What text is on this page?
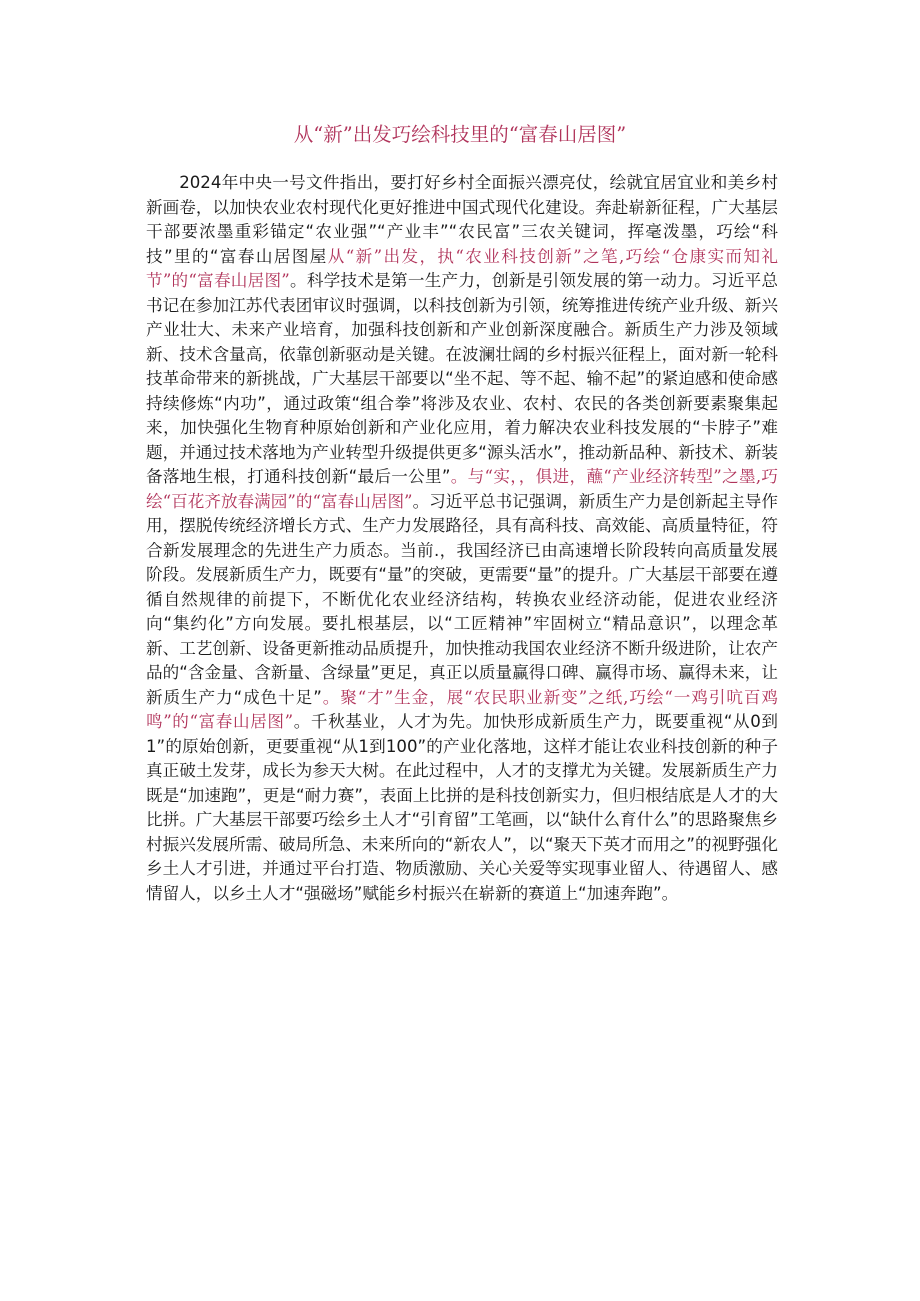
从“新”出发巧绘科技里的“富春山居图”

2024年中央一号文件指出，要打好乡村全面振兴漂亮仗，绘就宜居宜业和美乡村新画卷，以加快农业农村现代化更好推进中国式现代化建设。奔赴崭新征程，广大基层干部要浓墨重彩锚定“农业强”“产业丰”“农民富”三农关键词，挥毫泼墨，巧绘“科技”里的“富春山居图屋从“新”出发，执“农业科技创新”之笔,巧绘“仓康实而知礼节”的“富春山居图”。科学技术是第一生产力，创新是引领发展的第一动力。习近平总书记在参加江苏代表团审议时强调，以科技创新为引领，统筹推进传统产业升级、新兴产业壮大、未来产业培育，加强科技创新和产业创新深度融合。新质生产力涉及领域新、技术含量高，依靠创新驱动是关键。在波澜壮阔的乡村振兴征程上，面对新一轮科技革命带来的新挑战，广大基层干部要以“坐不起、等不起、输不起”的紧迫感和使命感持续修炼“内功”，通过政策“组合拳”将涉及农业、农村、农民的各类创新要素聚集起来，加快强化生物育种原始创新和产业化应用，着力解决农业科技发展的“卡脖子”难题，并通过技术落地为产业转型升级提供更多“源头活水”，推动新品种、新技术、新装备落地生根，打通科技创新“最后一公里”。与“实，，俱进，蘸“产业经济转型”之墨,巧绘“百花齐放春满园”的“富春山居图”。习近平总书记强调，新质生产力是创新起主导作用，摆脱传统经济增长方式、生产力发展路径，具有高科技、高效能、高质量特征，符合新发展理念的先进生产力质态。当前.，我国经济已由高速增长阶段转向高质量发展阶段。发展新质生产力，既要有“量”的突破，更需要“量”的提升。广大基层干部要在遵循自然规律的前提下，不断优化农业经济结构，转换农业经济动能，促进农业经济向“集约化”方向发展。要扎根基层，以“工匠精神”牢固树立“精品意识”，以理念革新、工艺创新、设备更新推动品质提升，加快推动我国农业经济不断升级进阶，让农产品的“含金量、含新量、含绿量”更足，真正以质量赢得口碑、赢得市场、赢得未来，让新质生产力“成色十足”。聚“才”生金，展“农民职业新变”之纸,巧绘“一鸡引吭百鸡鸣”的“富春山居图”。千秋基业，人才为先。加快形成新质生产力，既要重视“从0到1”的原始创新，更要重视“从1到100”的产业化落地，这样才能让农业科技创新的种子真正破土发芽，成长为参天大树。在此过程中，人才的支撑尤为关键。发展新质生产力既是“加速跑”，更是“耐力赛”，表面上比拼的是科技创新实力，但归根结底是人才的大比拼。广大基层干部要巧绘乡土人才“引育留”工笔画，以“缺什么育什么”的思路聚焦乡村振兴发展所需、破局所急、未来所向的“新农人”，以“聚天下英才而用之”的视野强化乡土人才引进，并通过平台打造、物质激励、关心关爱等实现事业留人、待遇留人、感情留人，以乡土人才“强磁场”赋能乡村振兴在崭新的赛道上“加速奔跑”。
